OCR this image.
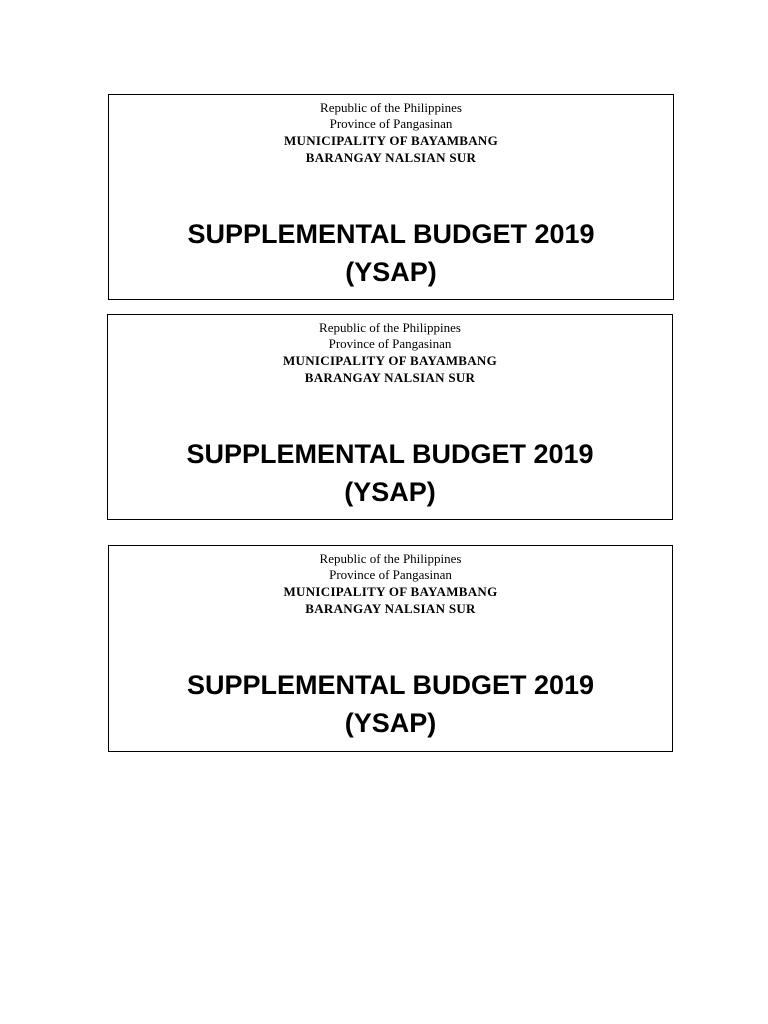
Republic of the Philippines
Province of Pangasinan
MUNICIPALITY OF BAYAMBANG
BARANGAY NALSIAN SUR
SUPPLEMENTAL BUDGET 2019
(YSAP)
Republic of the Philippines
Province of Pangasinan
MUNICIPALITY OF BAYAMBANG
BARANGAY NALSIAN SUR
SUPPLEMENTAL BUDGET 2019
(YSAP)
Republic of the Philippines
Province of Pangasinan
MUNICIPALITY OF BAYAMBANG
BARANGAY NALSIAN SUR
SUPPLEMENTAL BUDGET 2019
(YSAP)
